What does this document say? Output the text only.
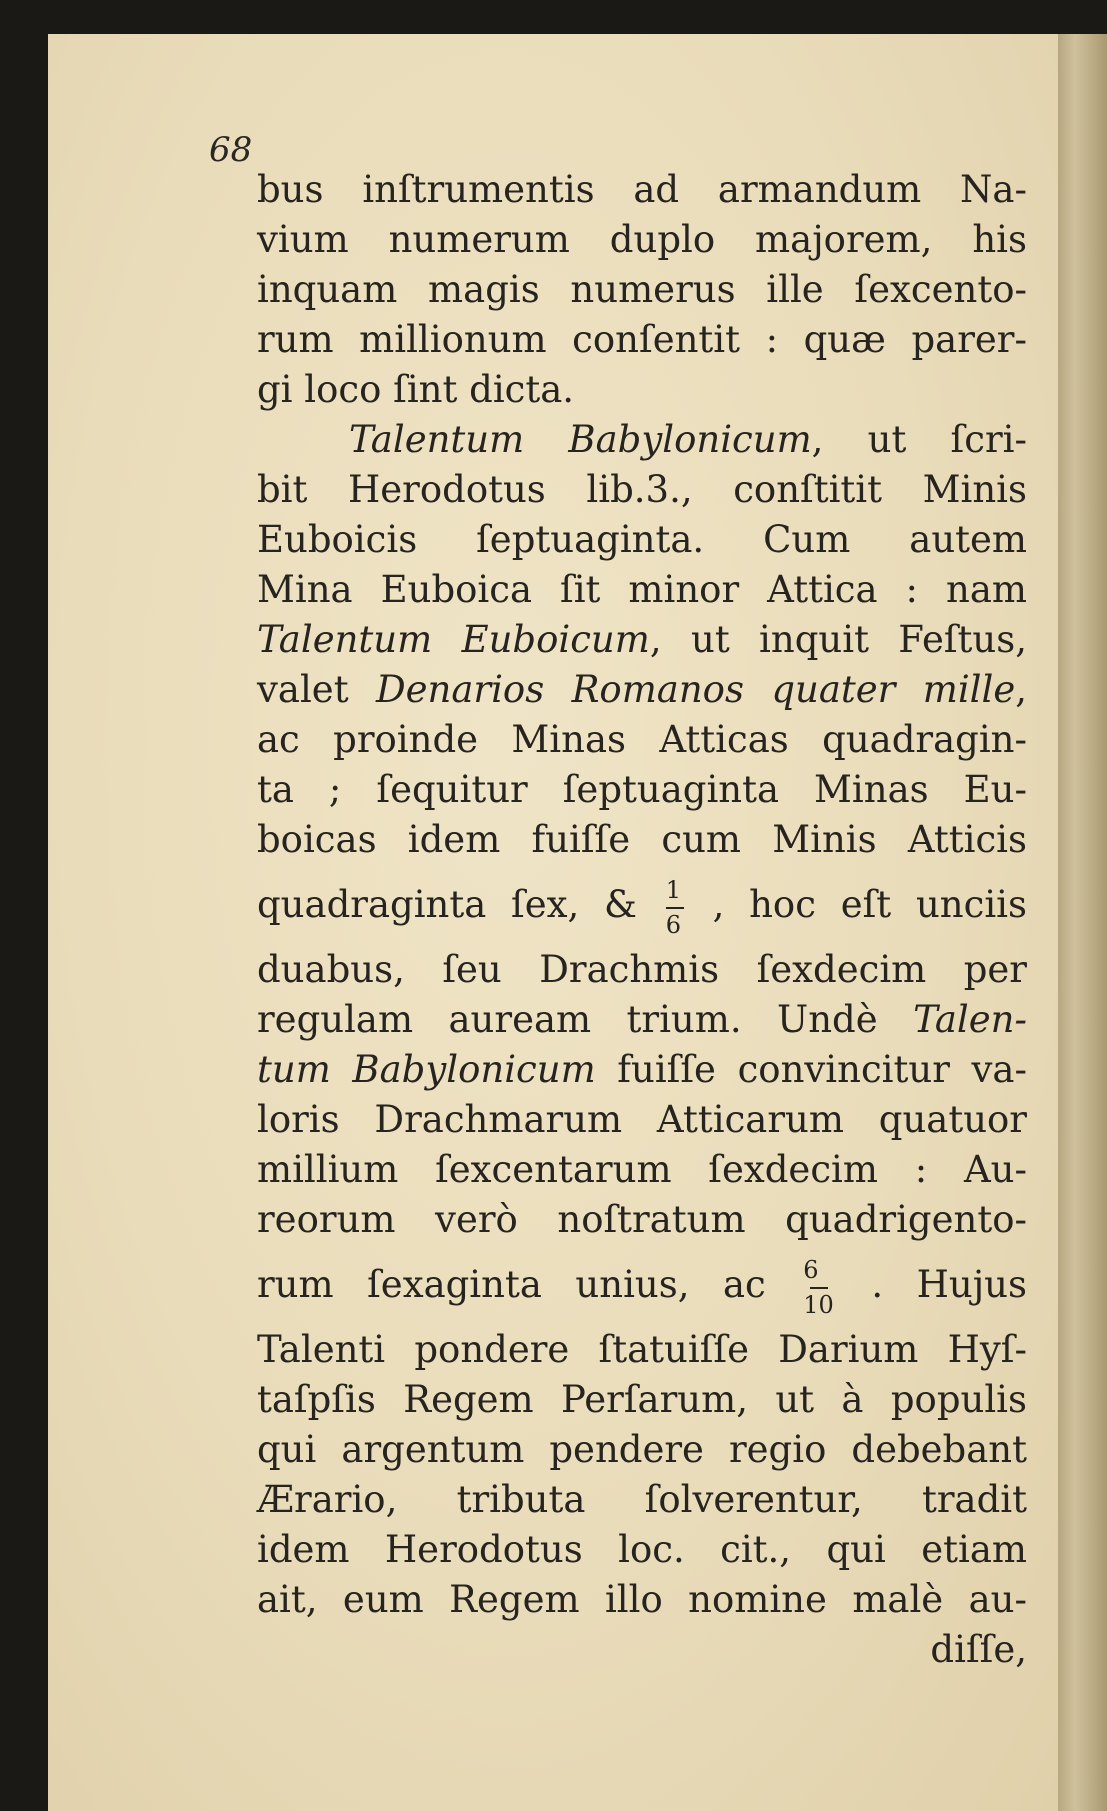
68
bus inſtrumentis ad armandum Na-
vium numerum duplo majorem, his
inquam magis numerus ille ſexcento-
rum millionum conſentit : quæ parer-
gi loco ſint dicta.
Talentum Babylonicum, ut ſcri-
bit Herodotus lib.3., conſtitit Minis
Euboicis ſeptuaginta. Cum autem
Mina Euboica ſit minor Attica : nam
Talentum Euboicum, ut inquit Feſtus,
valet Denarios Romanos quater mille,
ac proinde Minas Atticas quadragin-
ta ; ſequitur ſeptuaginta Minas Eu-
boicas idem fuiſſe cum Minis Atticis
quadraginta ſex, & $\frac{1}{6}$ , hoc eſt unciis
duabus, ſeu Drachmis ſexdecim per
regulam auream trium. Undè Talen-
tum Babylonicum fuiſſe convincitur va-
loris Drachmarum Atticarum quatuor
millium ſexcentarum ſexdecim : Au-
reorum verò noſtratum quadrigento-
rum ſexaginta unius, ac $\frac{6}{10}$ . Hujus
Talenti pondere ſtatuiſſe Darium Hyſ-
taſpſis Regem Perſarum, ut à populis
qui argentum pendere regio debebant
Ærario, tributa ſolverentur, tradit
idem Herodotus loc. cit., qui etiam
ait, eum Regem illo nomine malè au-
diſſe,
